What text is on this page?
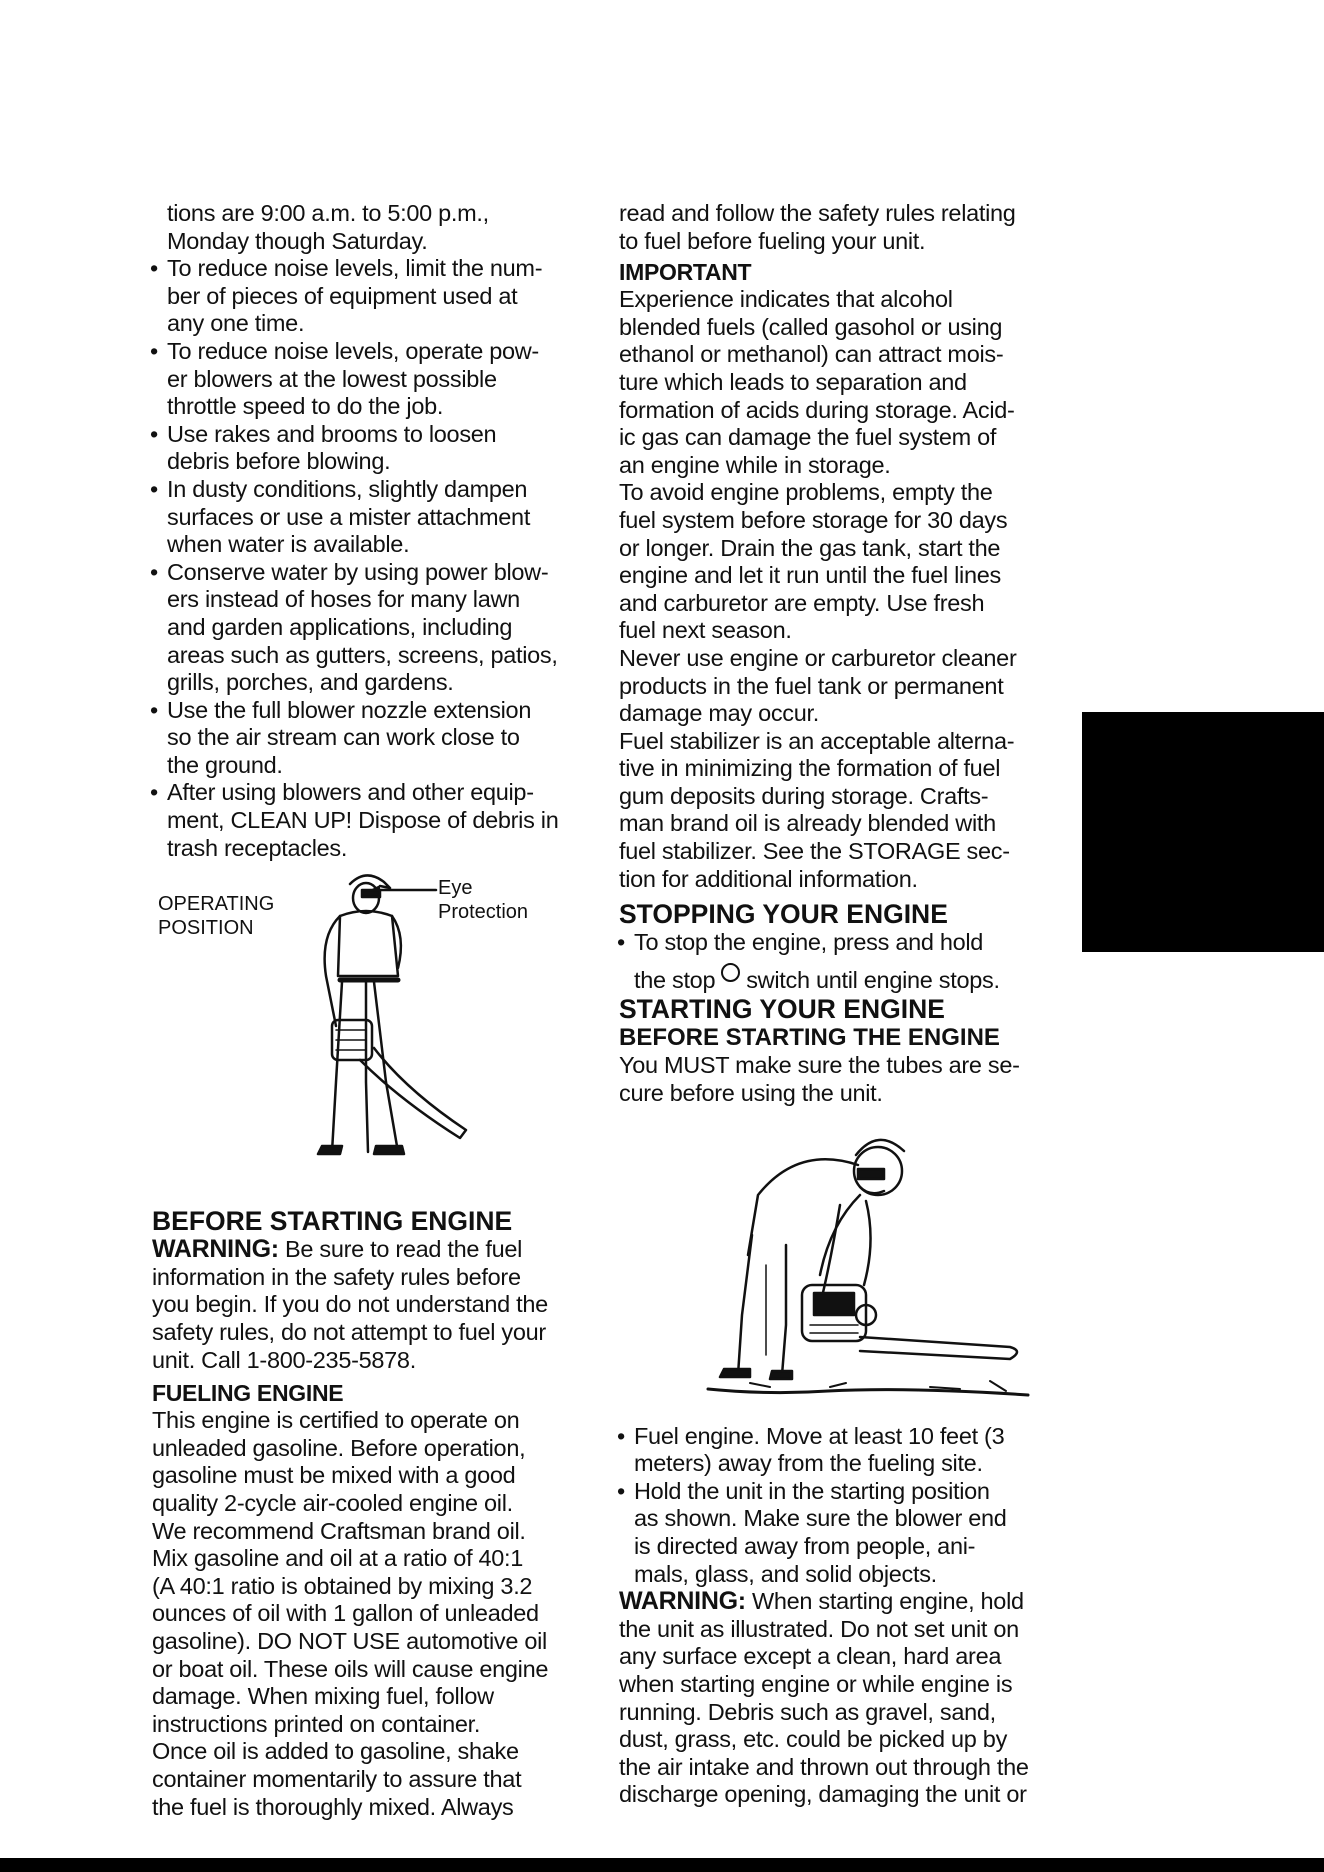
tions are 9:00 a.m. to 5:00 p.m.,

Monday though Saturday.

• To reduce noise levels, limit the num-

ber of pieces of equipment used at

any one time.

• To reduce noise levels, operate pow-

er blowers at the lowest possible

throttle speed to do the job.

• Use rakes and brooms to loosen

debris before blowing.

• In dusty conditions, slightly dampen

surfaces or use a mister attachment

when water is available.

• Conserve water by using power blow-

ers instead of hoses for many lawn

and garden applications, including

areas such as gutters, screens, patios,

grills, porches, and gardens.

• Use the full blower nozzle extension

so the air stream can work close to

the ground.

• After using blowers and other equip-

ment, CLEAN UP! Dispose of debris in

trash receptacles.

BEFORE STARTING ENGINE

WARNING: Be sure to read the fuel

information in the safety rules before

you begin. If you do not understand the

safety rules, do not attempt to fuel your

unit. Call 1-800-235-5878.

FUELING ENGINE

This engine is certified to operate on

unleaded gasoline. Before operation,

gasoline must be mixed with a good

quality 2-cycle air-cooled engine oil.

We recommend Craftsman brand oil.

Mix gasoline and oil at a ratio of 40:1

(A 40:1 ratio is obtained by mixing 3.2

ounces of oil with 1 gallon of unleaded

gasoline). DO NOT USE automotive oil

or boat oil. These oils will cause engine

damage. When mixing fuel, follow

instructions printed on container.

Once oil is added to gasoline, shake

container momentarily to assure that

the fuel is thoroughly mixed. Always

OPERATING
POSITION
Eye
Protection

read and follow the safety rules relating

to fuel before fueling your unit.

IMPORTANT

Experience indicates that alcohol

blended fuels (called gasohol or using

ethanol or methanol) can attract mois-

ture which leads to separation and

formation of acids during storage. Acid-

ic gas can damage the fuel system of

an engine while in storage.

To avoid engine problems, empty the

fuel system before storage for 30 days

or longer. Drain the gas tank, start the

engine and let it run until the fuel lines

and carburetor are empty. Use fresh

fuel next season.

Never use engine or carburetor cleaner

products in the fuel tank or permanent

damage may occur.

Fuel stabilizer is an acceptable alterna-

tive in minimizing the formation of fuel

gum deposits during storage. Crafts-

man brand oil is already blended with

fuel stabilizer. See the STORAGE sec-

tion for additional information.

STOPPING YOUR ENGINE

• To stop the engine, press and hold

the stop switch until engine stops.

STARTING YOUR ENGINE

BEFORE STARTING THE ENGINE

You MUST make sure the tubes are se-

cure before using the unit.

• Fuel engine. Move at least 10 feet (3

meters) away from the fueling site.

• Hold the unit in the starting position

as shown. Make sure the blower end

is directed away from people, ani-

mals, glass, and solid objects.

WARNING: When starting engine, hold

the unit as illustrated. Do not set unit on

any surface except a clean, hard area

when starting engine or while engine is

running. Debris such as gravel, sand,

dust, grass, etc. could be picked up by

the air intake and thrown out through the

discharge opening, damaging the unit or
